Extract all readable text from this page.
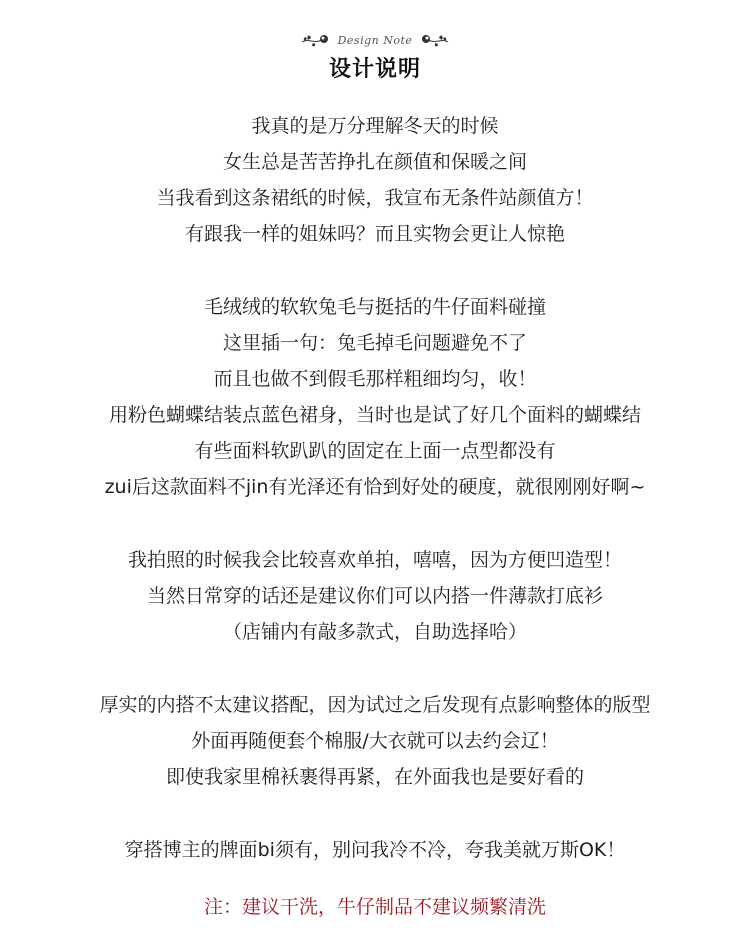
Design Note
设计说明
我真的是万分理解冬天的时候
女生总是苦苦挣扎在颜值和保暖之间
当我看到这条裙纸的时候，我宣布无条件站颜值方！
有跟我一样的姐妹吗？而且实物会更让人惊艳
毛绒绒的软软兔毛与挺括的牛仔面料碰撞
这里插一句：兔毛掉毛问题避免不了
而且也做不到假毛那样粗细均匀，收！
用粉色蝴蝶结装点蓝色裙身，当时也是试了好几个面料的蝴蝶结
有些面料软趴趴的固定在上面一点型都没有
zui后这款面料不jin有光泽还有恰到好处的硬度，就很刚刚好啊~
我拍照的时候我会比较喜欢单拍，嘻嘻，因为方便凹造型！
当然日常穿的话还是建议你们可以内搭一件薄款打底衫
（店铺内有敲多款式，自助选择哈）
厚实的内搭不太建议搭配，因为试过之后发现有点影响整体的版型
外面再随便套个棉服/大衣就可以去约会辽！
即使我家里棉袄裹得再紧，在外面我也是要好看的
穿搭博主的牌面bi须有，别问我冷不冷，夸我美就万斯OK！
注：建议干洗，牛仔制品不建议频繁清洗
